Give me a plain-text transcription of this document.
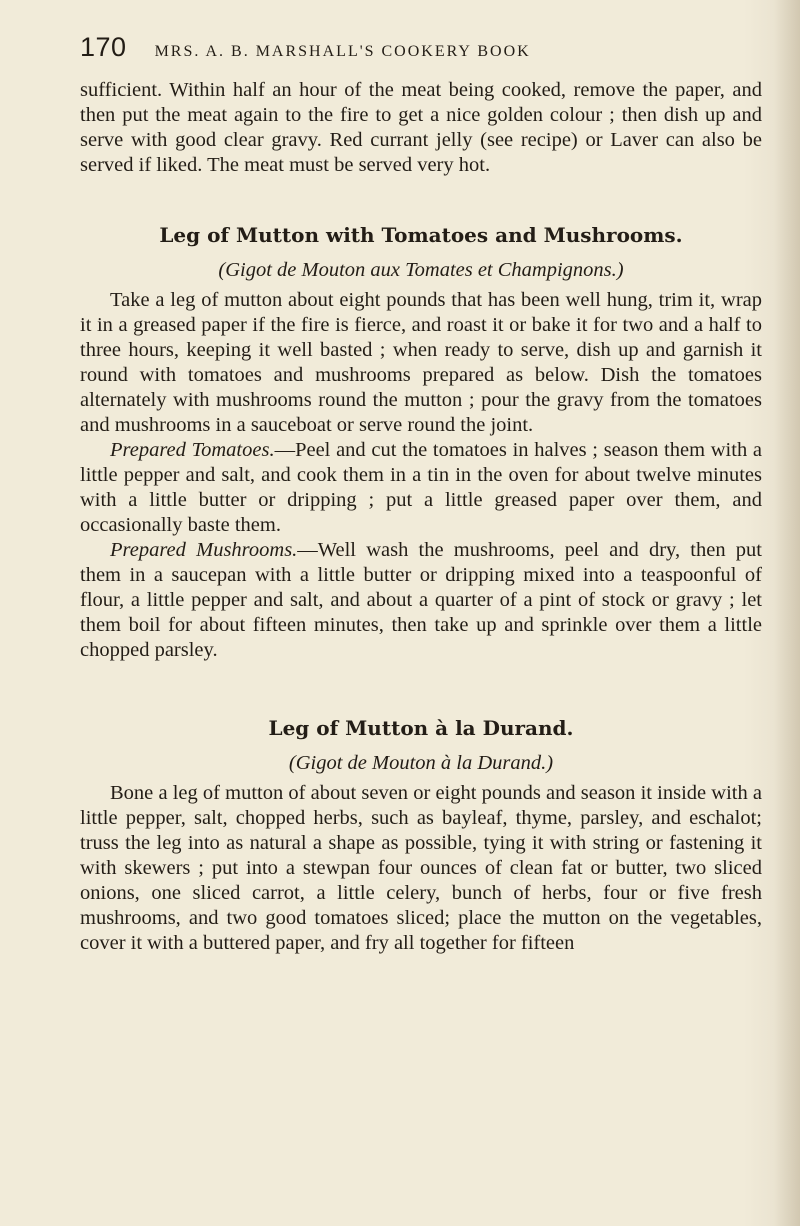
170 MRS. A. B. MARSHALL'S COOKERY BOOK

sufficient. Within half an hour of the meat being cooked, remove the paper, and then put the meat again to the fire to get a nice golden colour ; then dish up and serve with good clear gravy. Red currant jelly (see recipe) or Laver can also be served if liked. The meat must be served very hot.

Leg of Mutton with Tomatoes and Mushrooms.
(Gigot de Mouton aux Tomates et Champignons.)

Take a leg of mutton about eight pounds that has been well hung, trim it, wrap it in a greased paper if the fire is fierce, and roast it or bake it for two and a half to three hours, keeping it well basted ; when ready to serve, dish up and garnish it round with tomatoes and mushrooms prepared as below. Dish the tomatoes alternately with mushrooms round the mutton ; pour the gravy from the tomatoes and mushrooms in a sauceboat or serve round the joint.

Prepared Tomatoes.—Peel and cut the tomatoes in halves ; season them with a little pepper and salt, and cook them in a tin in the oven for about twelve minutes with a little butter or dripping ; put a little greased paper over them, and occasionally baste them.

Prepared Mushrooms.—Well wash the mushrooms, peel and dry, then put them in a saucepan with a little butter or dripping mixed into a teaspoonful of flour, a little pepper and salt, and about a quarter of a pint of stock or gravy ; let them boil for about fifteen minutes, then take up and sprinkle over them a little chopped parsley.

Leg of Mutton à la Durand.
(Gigot de Mouton à la Durand.)

Bone a leg of mutton of about seven or eight pounds and season it inside with a little pepper, salt, chopped herbs, such as bayleaf, thyme, parsley, and eschalot; truss the leg into as natural a shape as possible, tying it with string or fastening it with skewers ; put into a stewpan four ounces of clean fat or butter, two sliced onions, one sliced carrot, a little celery, bunch of herbs, four or five fresh mushrooms, and two good tomatoes sliced; place the mutton on the vegetables, cover it with a buttered paper, and fry all together for fifteen
